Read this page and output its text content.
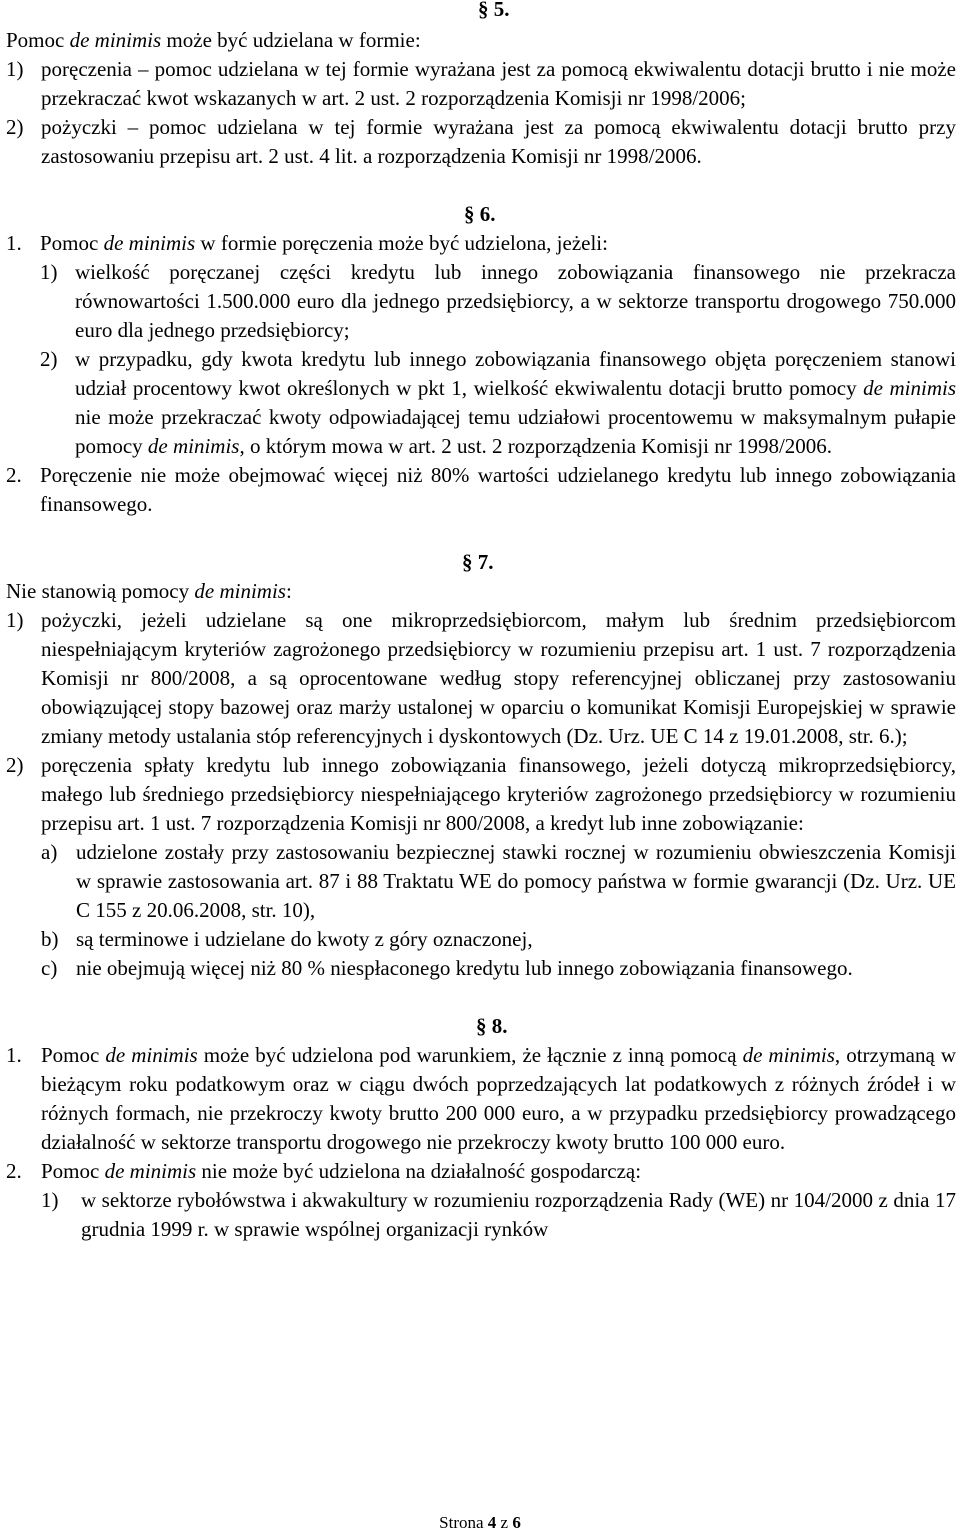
§ 5.

Pomoc de minimis może być udzielana w formie:

1) poręczenia – pomoc udzielana w tej formie wyrażana jest za pomocą ekwiwalentu dotacji brutto i nie może przekraczać kwot wskazanych w art. 2 ust. 2 rozporządzenia Komisji nr 1998/2006;
2) pożyczki – pomoc udzielana w tej formie wyrażana jest za pomocą ekwiwalentu dotacji brutto przy zastosowaniu przepisu art. 2 ust. 4 lit. a rozporządzenia Komisji nr 1998/2006.
§ 6.
1. Pomoc de minimis w formie poręczenia może być udzielona, jeżeli:
1) wielkość poręczanej części kredytu lub innego zobowiązania finansowego nie przekracza równowartości 1.500.000 euro dla jednego przedsiębiorcy, a w sektorze transportu drogowego 750.000 euro dla jednego przedsiębiorcy;
2) w przypadku, gdy kwota kredytu lub innego zobowiązania finansowego objęta poręczeniem stanowi udział procentowy kwot określonych w pkt 1, wielkość ekwiwalentu dotacji brutto pomocy de minimis nie może przekraczać kwoty odpowiadającej temu udziałowi procentowemu w maksymalnym pułapie pomocy de minimis, o którym mowa w art. 2 ust. 2 rozporządzenia Komisji nr 1998/2006.
2. Poręczenie nie może obejmować więcej niż 80% wartości udzielanego kredytu lub innego zobowiązania finansowego.
§ 7.

Nie stanowią pomocy de minimis:

1) pożyczki, jeżeli udzielane są one mikroprzedsiębiorcom, małym lub średnim przedsiębiorcom niespełniającym kryteriów zagrożonego przedsiębiorcy w rozumieniu przepisu art. 1 ust. 7 rozporządzenia Komisji nr 800/2008, a są oprocentowane według stopy referencyjnej obliczanej przy zastosowaniu obowiązującej stopy bazowej oraz marży ustalonej w oparciu o komunikat Komisji Europejskiej w sprawie zmiany metody ustalania stóp referencyjnych i dyskontowych (Dz. Urz. UE C 14 z 19.01.2008, str. 6.);
2) poręczenia spłaty kredytu lub innego zobowiązania finansowego, jeżeli dotyczą mikroprzedsiębiorcy, małego lub średniego przedsiębiorcy niespełniającego kryteriów zagrożonego przedsiębiorcy w rozumieniu przepisu art. 1 ust. 7 rozporządzenia Komisji nr 800/2008, a kredyt lub inne zobowiązanie:
a) udzielone zostały przy zastosowaniu bezpiecznej stawki rocznej w rozumieniu obwieszczenia Komisji w sprawie zastosowania art. 87 i 88 Traktatu WE do pomocy państwa w formie gwarancji (Dz. Urz. UE C 155 z 20.06.2008, str. 10),
b) są terminowe i udzielane do kwoty z góry oznaczonej,
c) nie obejmują więcej niż 80 % niespłaconego kredytu lub innego zobowiązania finansowego.
§ 8.
1. Pomoc de minimis może być udzielona pod warunkiem, że łącznie z inną pomocą de minimis, otrzymaną w bieżącym roku podatkowym oraz w ciągu dwóch poprzedzających lat podatkowych z różnych źródeł i w różnych formach, nie przekroczy kwoty brutto 200 000 euro, a w przypadku przedsiębiorcy prowadzącego działalność w sektorze transportu drogowego nie przekroczy kwoty brutto 100 000 euro.
2. Pomoc de minimis nie może być udzielona na działalność gospodarczą:
1) w sektorze rybołówstwa i akwakultury w rozumieniu rozporządzenia Rady (WE) nr 104/2000 z dnia 17 grudnia 1999 r. w sprawie wspólnej organizacji rynków
Strona 4 z 6
